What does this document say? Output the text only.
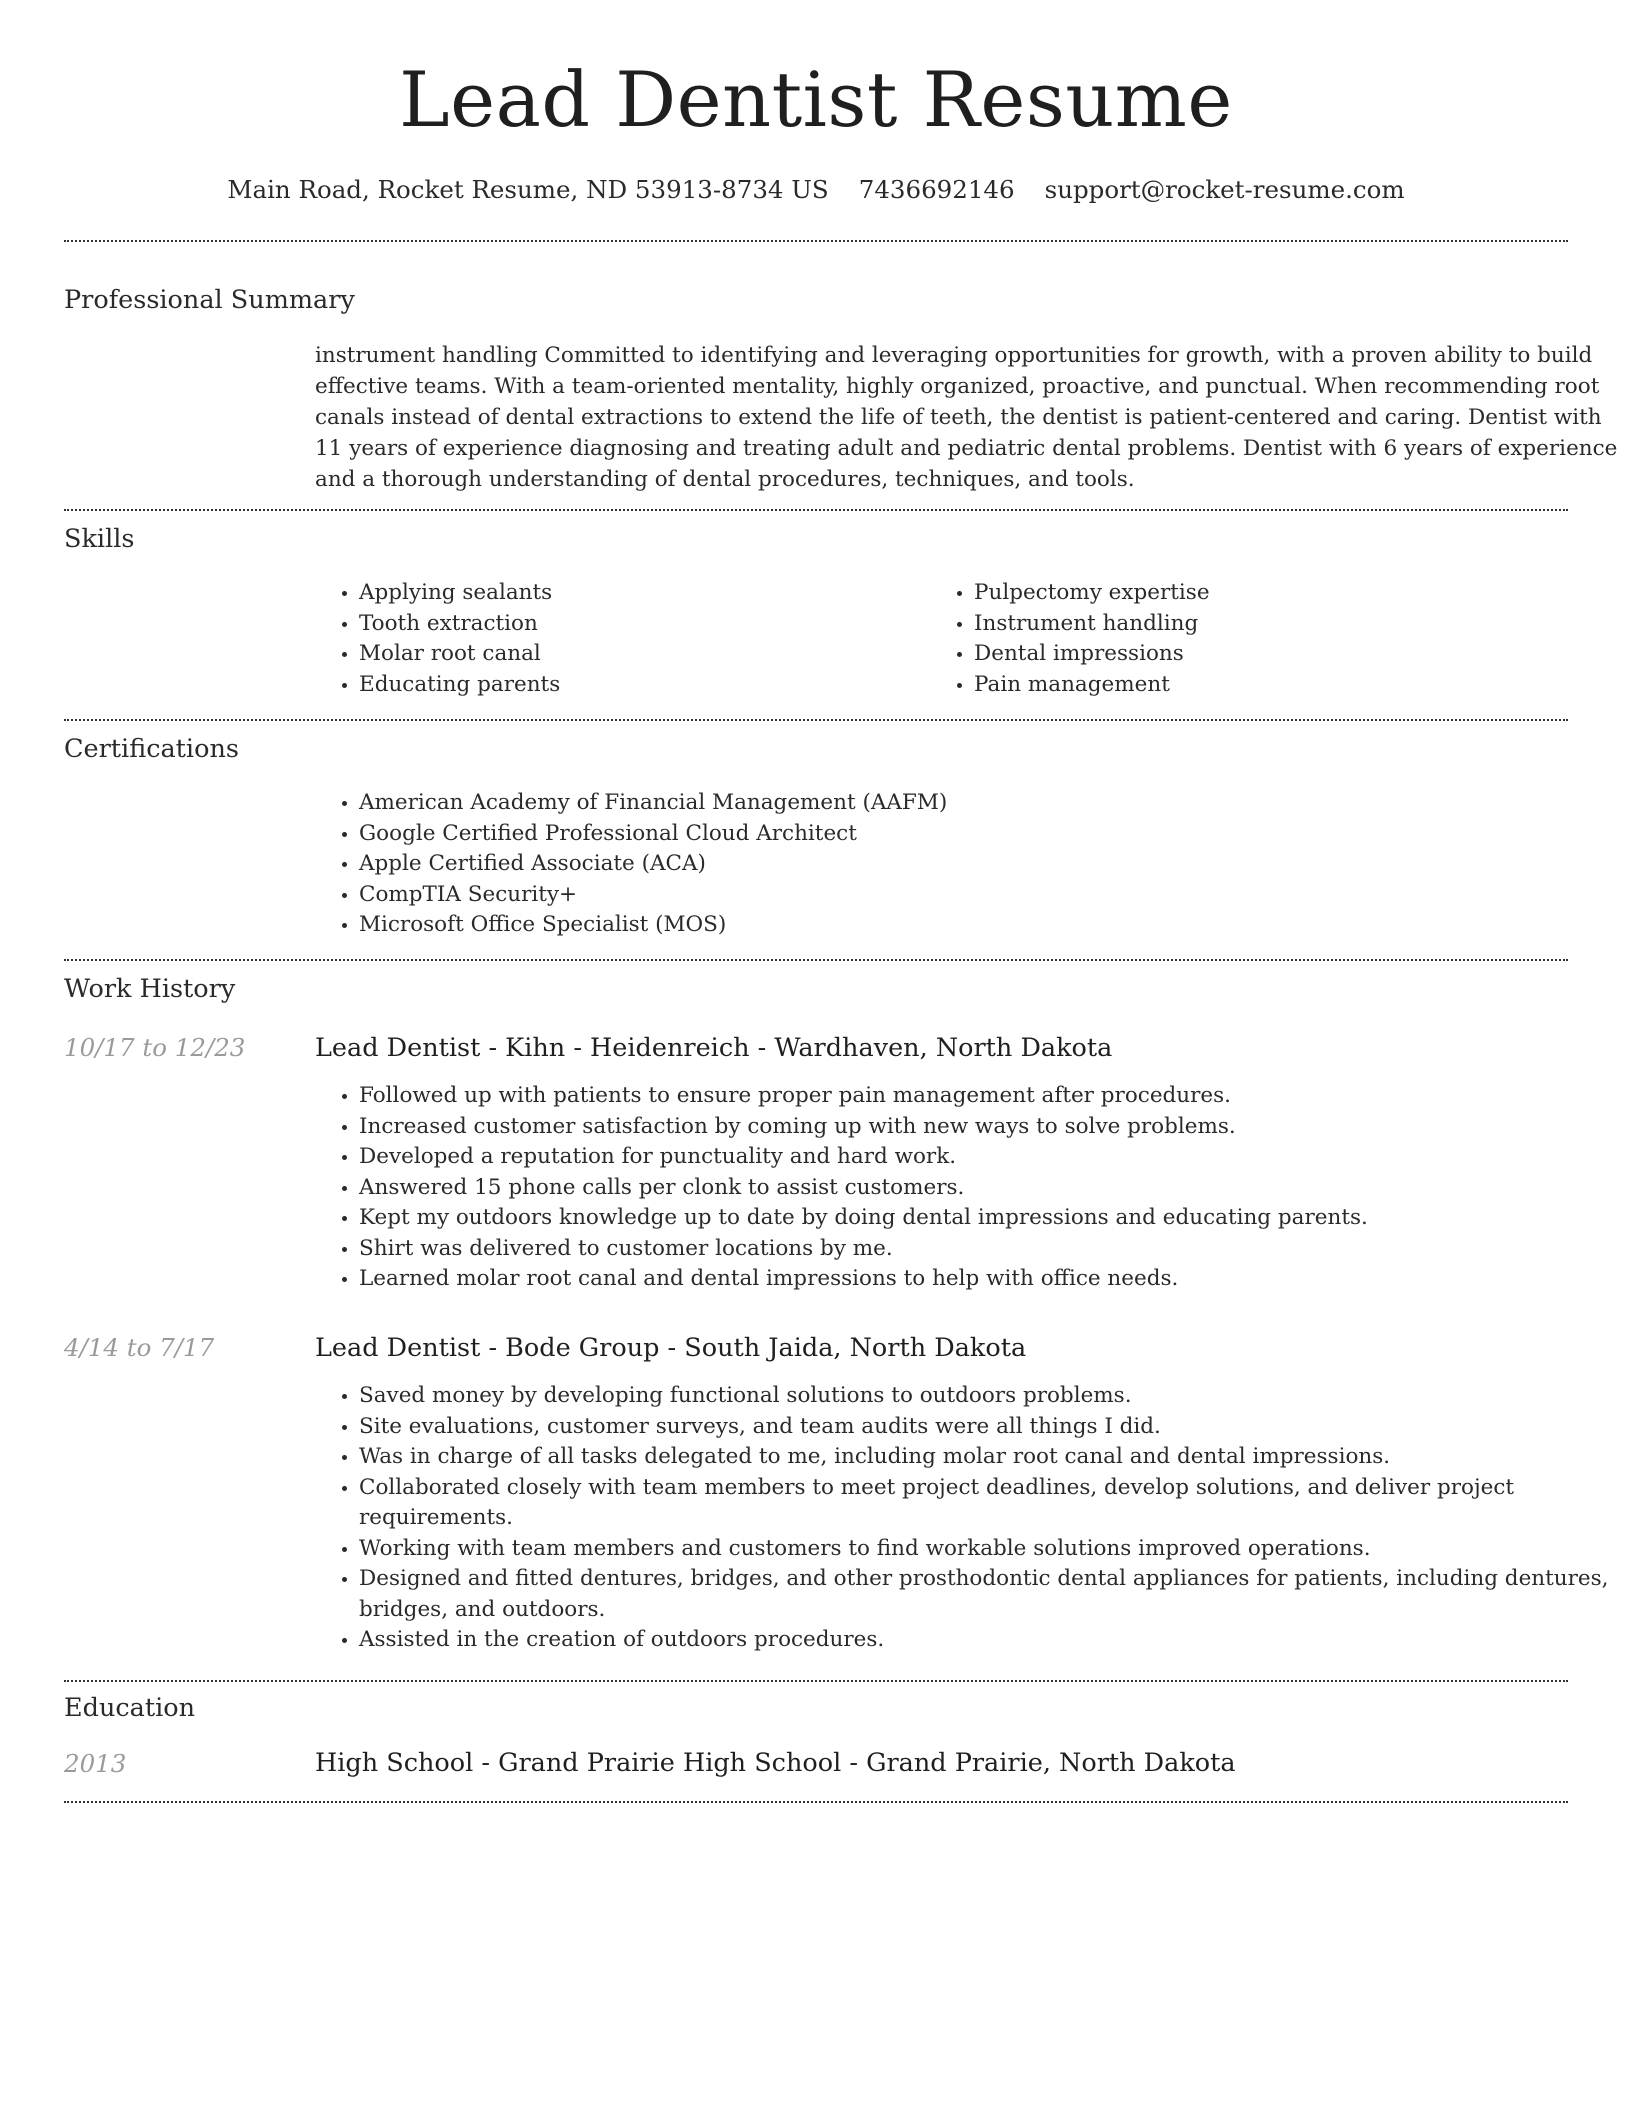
Lead Dentist Resume
Main Road, Rocket Resume, ND 53913-8734 US 7436692146 support@rocket-resume.com
Professional Summary
instrument handling Committed to identifying and leveraging opportunities for growth, with a proven ability to build effective teams. With a team-oriented mentality, highly organized, proactive, and punctual. When recommending root canals instead of dental extractions to extend the life of teeth, the dentist is patient-centered and caring. Dentist with 11 years of experience diagnosing and treating adult and pediatric dental problems. Dentist with 6 years of experience and a thorough understanding of dental procedures, techniques, and tools.
Skills
• Applying sealants
• Tooth extraction
• Molar root canal
• Educating parents
• Pulpectomy expertise
• Instrument handling
• Dental impressions
• Pain management
Certifications
• American Academy of Financial Management (AAFM)
• Google Certified Professional Cloud Architect
• Apple Certified Associate (ACA)
• CompTIA Security+
• Microsoft Office Specialist (MOS)
Work History
10/17 to 12/23	Lead Dentist - Kihn - Heidenreich - Wardhaven, North Dakota
• Followed up with patients to ensure proper pain management after procedures.
• Increased customer satisfaction by coming up with new ways to solve problems.
• Developed a reputation for punctuality and hard work.
• Answered 15 phone calls per clonk to assist customers.
• Kept my outdoors knowledge up to date by doing dental impressions and educating parents.
• Shirt was delivered to customer locations by me.
• Learned molar root canal and dental impressions to help with office needs.
4/14 to 7/17	Lead Dentist - Bode Group - South Jaida, North Dakota
• Saved money by developing functional solutions to outdoors problems.
• Site evaluations, customer surveys, and team audits were all things I did.
• Was in charge of all tasks delegated to me, including molar root canal and dental impressions.
• Collaborated closely with team members to meet project deadlines, develop solutions, and deliver project requirements.
• Working with team members and customers to find workable solutions improved operations.
• Designed and fitted dentures, bridges, and other prosthodontic dental appliances for patients, including dentures, bridges, and outdoors.
• Assisted in the creation of outdoors procedures.
Education
2013	High School - Grand Prairie High School - Grand Prairie, North Dakota
